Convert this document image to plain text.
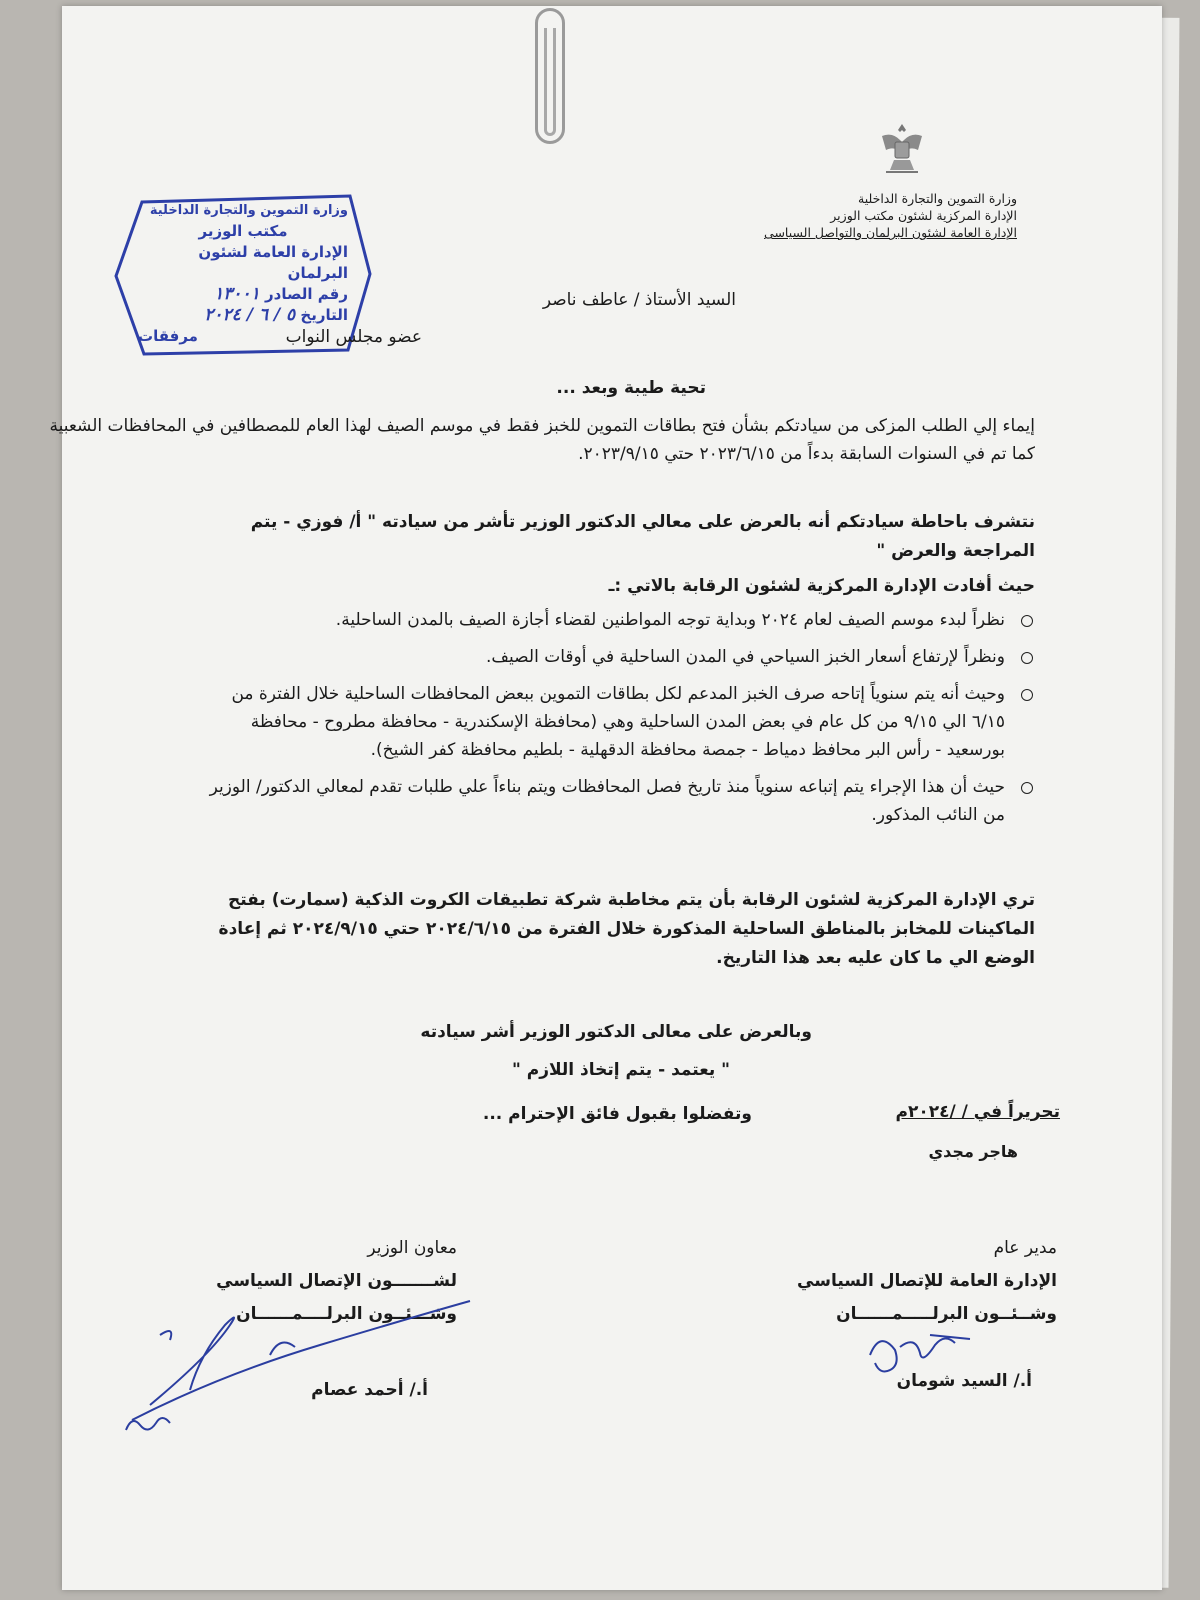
وزارة التموين والتجارة الداخلية
الإدارة المركزية لشئون مكتب الوزير
الإدارة العامة لشئون البرلمان والتواصل السياسى
وزارة التموين والتجارة الداخلية
مكتب الوزير
الإدارة العامة لشئون البرلمان
رقم الصادر ١٣٠٠١
التاريخ ٥ / ٦ / ٢٠٢٤
مرفقات
السيد الأستاذ / عاطف ناصر
عضو مجلس النواب
تحية طيبة وبعد ...
إيماء إلي الطلب المزكى من سيادتكم بشأن فتح بطاقات التموين للخبز فقط في موسم الصيف لهذا العام للمصطافين في المحافظات الشعبية كما تم في السنوات السابقة بدءاً من ٢٠٢٣/٦/١٥ حتي ٢٠٢٣/٩/١٥.
نتشرف باحاطة سيادتكم أنه بالعرض على معالي الدكتور الوزير تأشر من سيادته " أ/ فوزي - يتم المراجعة والعرض "
حيث أفادت الإدارة المركزية لشئون الرقابة بالاتي :ـ
نظراً لبدء موسم الصيف لعام ٢٠٢٤ وبداية توجه المواطنين لقضاء أجازة الصيف بالمدن الساحلية.
ونظراً لإرتفاع أسعار الخبز السياحي في المدن الساحلية في أوقات الصيف.
وحيث أنه يتم سنوياً إتاحه صرف الخبز المدعم لكل بطاقات التموين ببعض المحافظات الساحلية خلال الفترة من ٦/١٥ الي ٩/١٥ من كل عام في بعض المدن الساحلية وهي (محافظة الإسكندرية - محافظة مطروح - محافظة بورسعيد - رأس البر محافظ دمياط - جمصة محافظة الدقهلية - بلطيم محافظة كفر الشيخ).
حيث أن هذا الإجراء يتم إتباعه سنوياً منذ تاريخ فصل المحافظات ويتم بناءاً علي طلبات تقدم لمعالي الدكتور/ الوزير من النائب المذكور.
تري الإدارة المركزية لشئون الرقابة بأن يتم مخاطبة شركة تطبيقات الكروت الذكية (سمارت) بفتح الماكينات للمخابز بالمناطق الساحلية المذكورة خلال الفترة من ٢٠٢٤/٦/١٥ حتي ٢٠٢٤/٩/١٥ ثم إعادة الوضع الي ما كان عليه بعد هذا التاريخ.
وبالعرض على معالى الدكتور الوزير أشر سيادته
" يعتمد - يتم إتخاذ اللازم "
وتفضلوا بقبول فائق الإحترام ...	تحريراً في / /٢٠٢٤م
هاجر مجدي
مدير عام
الإدارة العامة للإتصال السياسي
وشــئــون البرلـــــمــــــان
أ./ السيد شومان
معاون الوزير
لشـــــــون الإتصال السياسي
وشـــئــون البرلــــمــــــان
أ./ أحمد عصام
